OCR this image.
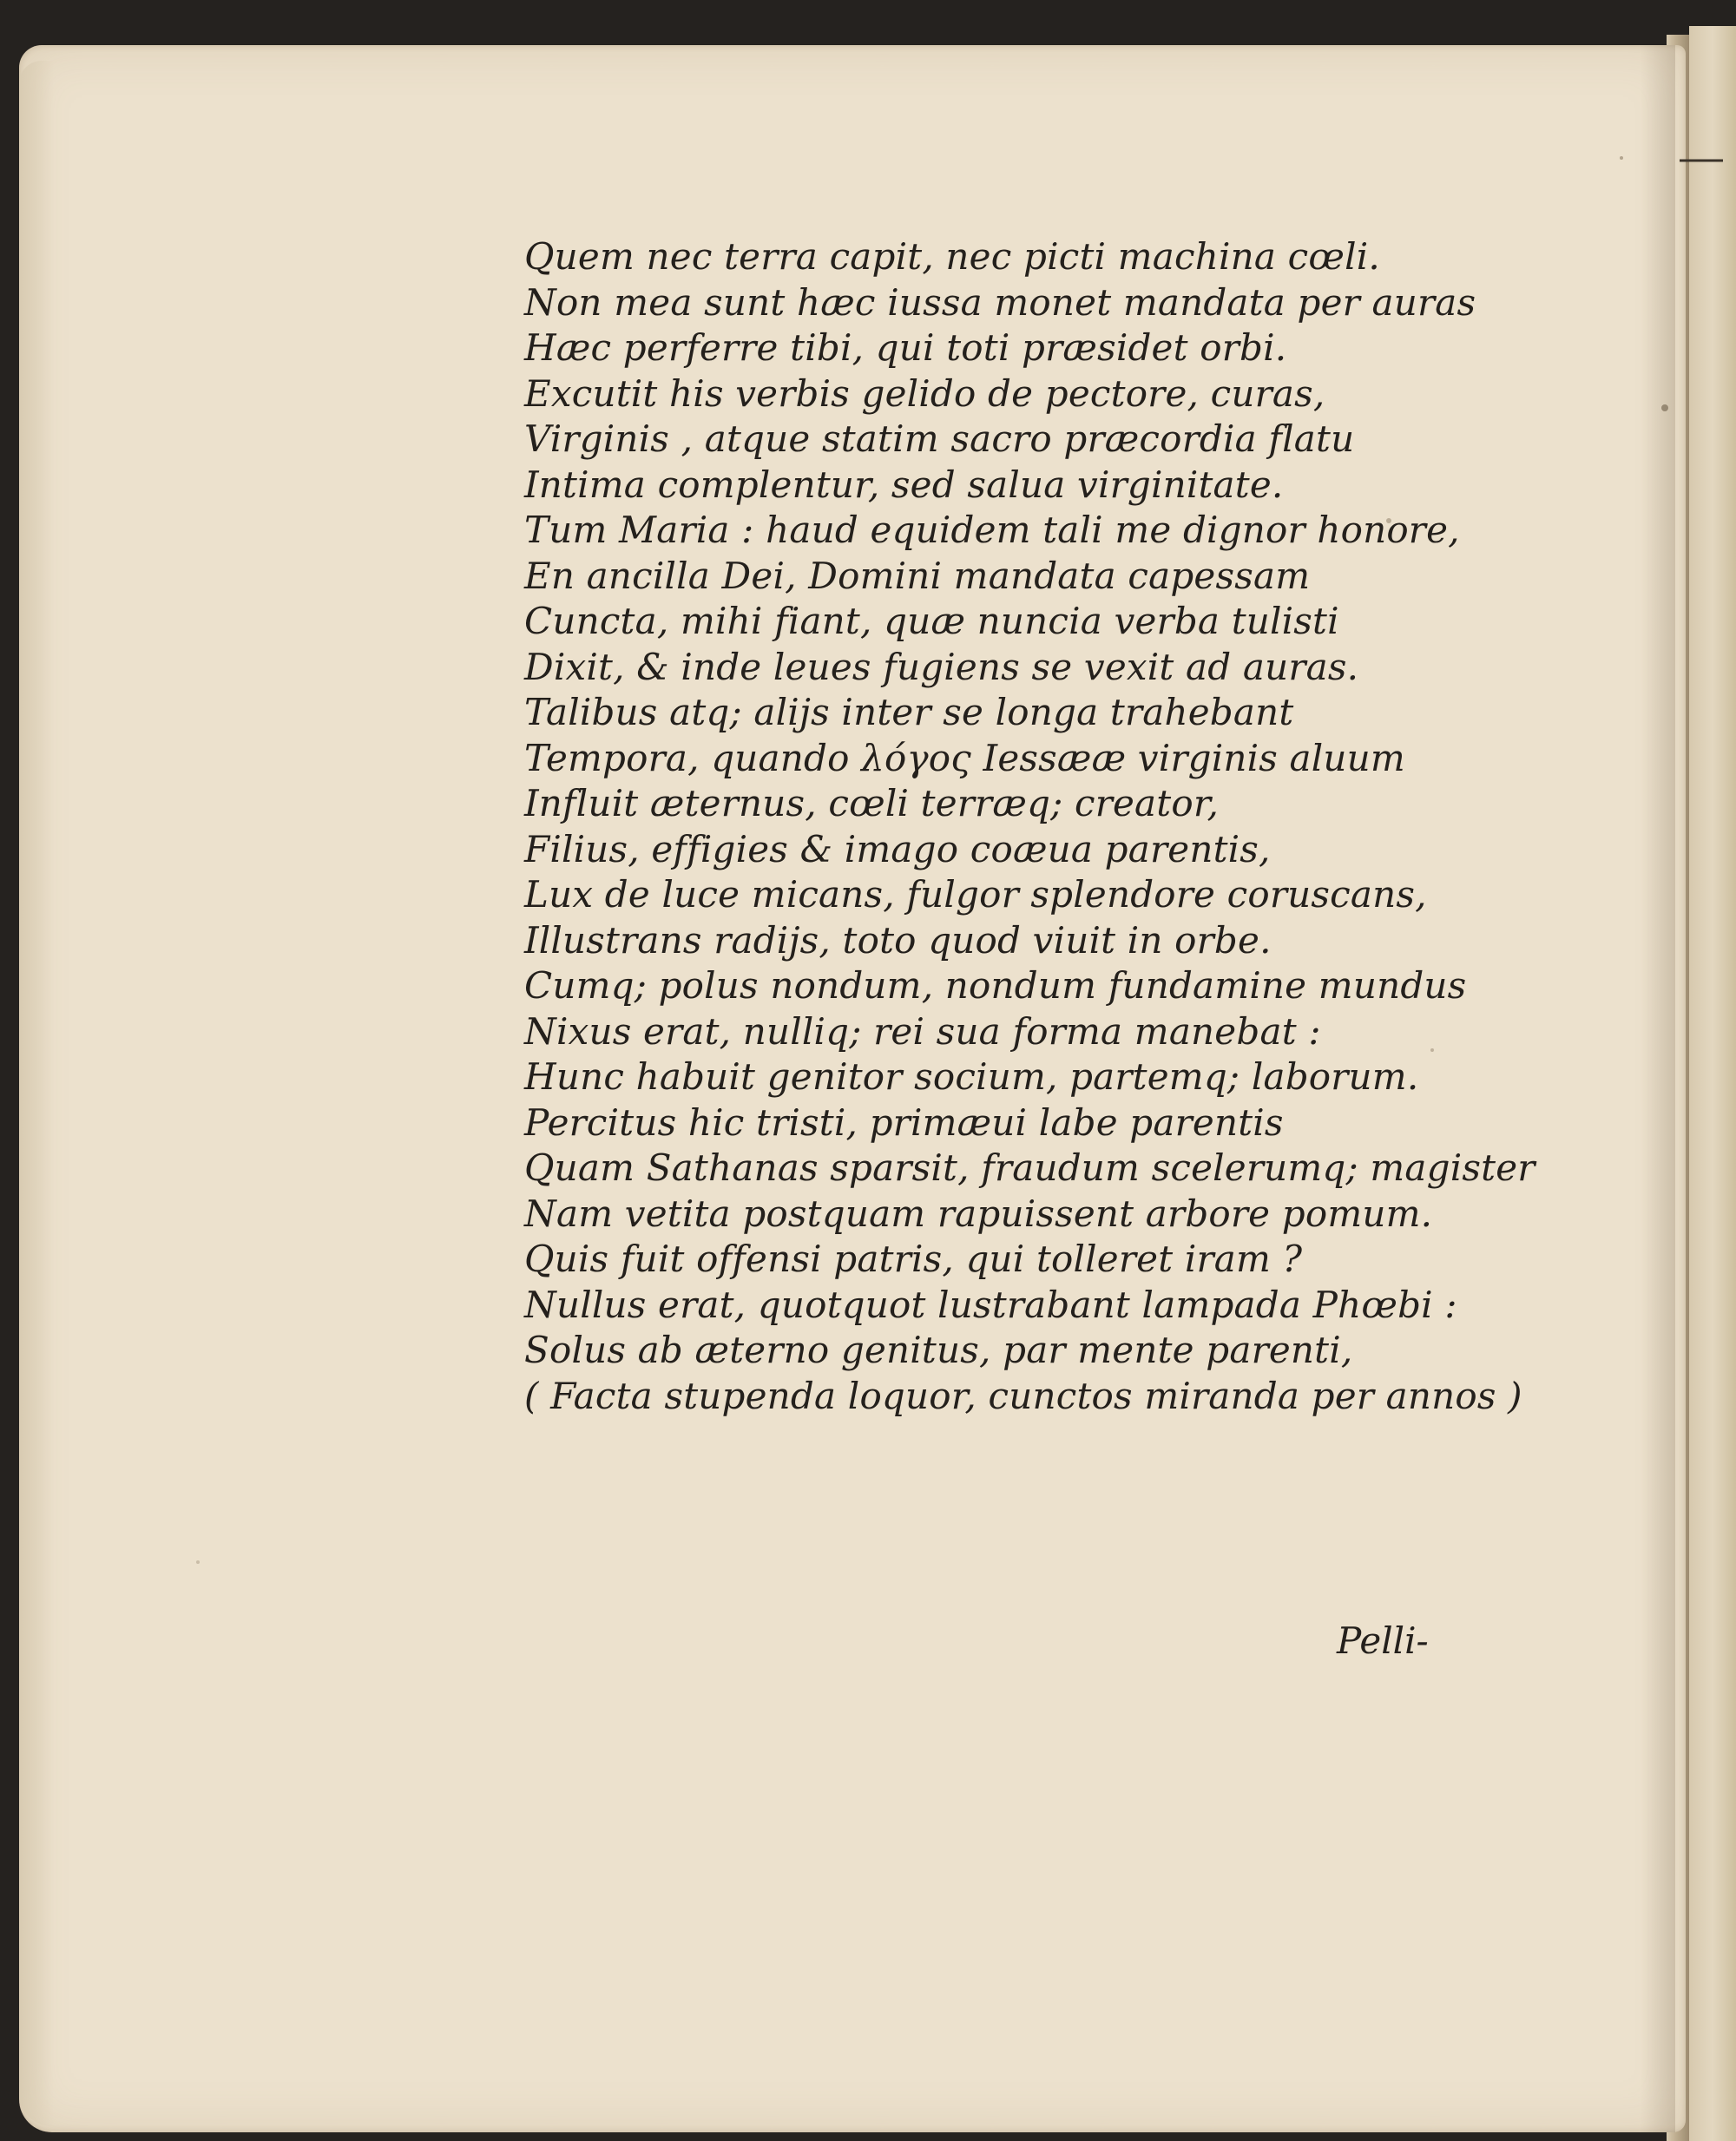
Quem nec terra capit, nec picti machina cœli.
Non mea sunt hæc iussa monet mandata per auras
Hæc perferre tibi, qui toti præsidet orbi.
Excutit his verbis gelido de pectore, curas,
Virginis , atque statim sacro præcordia flatu
Intima complentur, sed salua virginitate.
Tum Maria : haud equidem tali me dignor honore,
En ancilla Dei, Domini mandata capessam
Cuncta, mihi fiant, quæ nuncia verba tulisti
Dixit, & inde leues fugiens se vexit ad auras.
Talibus atq; alijs inter se longa trahebant
Tempora, quando λόγος Iessææ virginis aluum
Influit æternus, cœli terræq; creator,
Filius, effigies & imago coæua parentis,
Lux de luce micans, fulgor splendore coruscans,
Illustrans radijs, toto quod viuit in orbe.
Cumq; polus nondum, nondum fundamine mundus
Nixus erat, nulliq; rei sua forma manebat :
Hunc habuit genitor socium, partemq; laborum.
Percitus hic tristi, primæui labe parentis
Quam Sathanas sparsit, fraudum scelerumq; magister
Nam vetita postquam rapuissent arbore pomum.
Quis fuit offensi patris, qui tolleret iram ?
Nullus erat, quotquot lustrabant lampada Phœbi :
Solus ab æterno genitus, par mente parenti,
( Facta stupenda loquor, cunctos miranda per annos )
Pelli-
